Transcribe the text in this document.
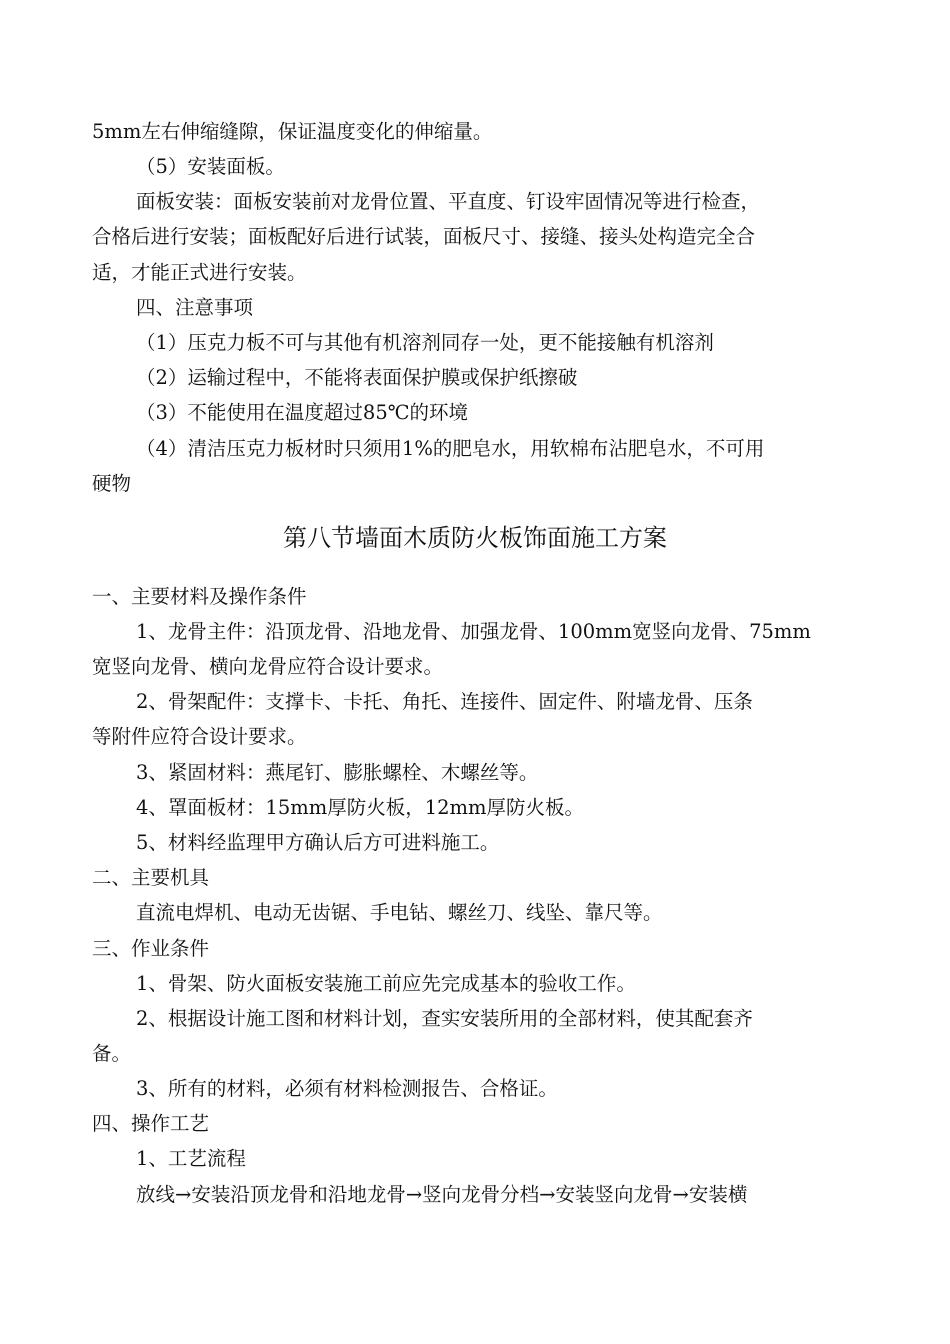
5mm左右伸缩缝隙，保证温度变化的伸缩量。
（5）安装面板。
面板安装：面板安装前对龙骨位置、平直度、钉设牢固情况等进行检查，
合格后进行安装；面板配好后进行试装，面板尺寸、接缝、接头处构造完全合
适，才能正式进行安装。
四、注意事项
（1）压克力板不可与其他有机溶剂同存一处，更不能接触有机溶剂
（2）运输过程中，不能将表面保护膜或保护纸擦破
（3）不能使用在温度超过85℃的环境
（4）清洁压克力板材时只须用1%的肥皂水，用软棉布沾肥皂水，不可用
硬物
第八节墙面木质防火板饰面施工方案
一、主要材料及操作条件
1、龙骨主件：沿顶龙骨、沿地龙骨、加强龙骨、100mm宽竖向龙骨、75mm
宽竖向龙骨、横向龙骨应符合设计要求。
2、骨架配件：支撑卡、卡托、角托、连接件、固定件、附墙龙骨、压条
等附件应符合设计要求。
3、紧固材料：燕尾钉、膨胀螺栓、木螺丝等。
4、罩面板材：15mm厚防火板，12mm厚防火板。
5、材料经监理甲方确认后方可进料施工。
二、主要机具
直流电焊机、电动无齿锯、手电钻、螺丝刀、线坠、靠尺等。
三、作业条件
1、骨架、防火面板安装施工前应先完成基本的验收工作。
2、根据设计施工图和材料计划，查实安装所用的全部材料，使其配套齐
备。
3、所有的材料，必须有材料检测报告、合格证。
四、操作工艺
1、工艺流程
放线→安装沿顶龙骨和沿地龙骨→竖向龙骨分档→安装竖向龙骨→安装横
